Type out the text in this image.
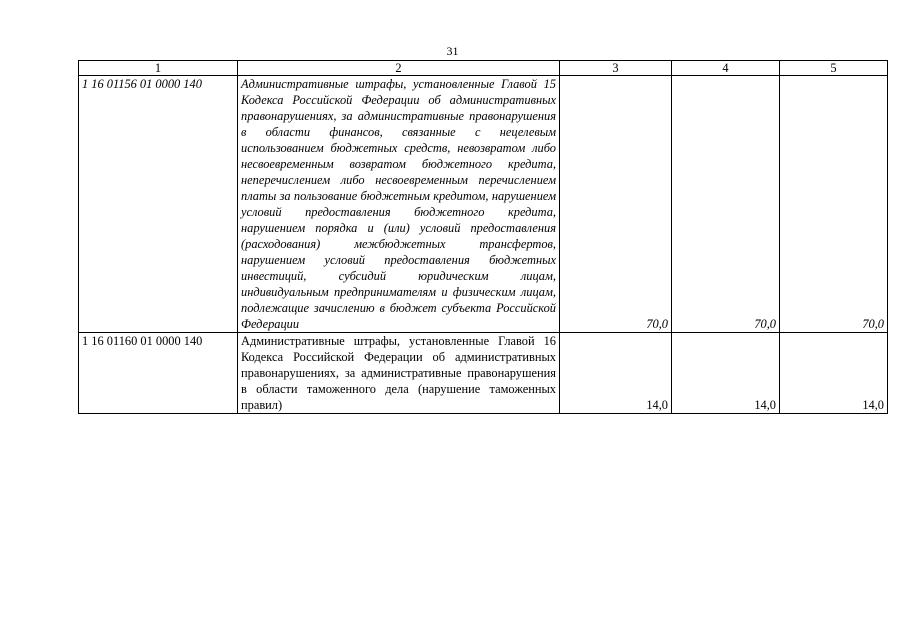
31
1	2	3	4	5
1 16 01156 01 0000 140	Административные штрафы, установленные Главой 15 Кодекса Российской Федерации об административных правонарушениях, за административные правонарушения в области финансов, связанные с нецелевым использованием бюджетных средств, невозвратом либо несвоевременным возвратом бюджетного кредита, неперечислением либо несвоевременным перечислением платы за пользование бюджетным кредитом, нарушением условий предоставления бюджетного кредита, нарушением порядка и (или) условий предоставления (расходования) межбюджетных трансфертов, нарушением условий предоставления бюджетных инвестиций, субсидий юридическим лицам, индивидуальным предпринимателям и физическим лицам, подлежащие зачислению в бюджет субъекта Российской Федерации	70,0	70,0	70,0
1 16 01160 01 0000 140	Административные штрафы, установленные Главой 16 Кодекса Российской Федерации об административных правонарушениях, за административные правонарушения в области таможенного дела (нарушение таможенных правил)	14,0	14,0	14,0
